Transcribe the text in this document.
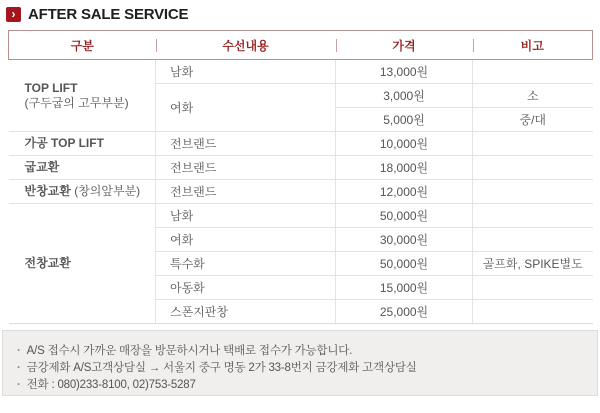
› AFTER SALE SERVICE
구분	수선내용	가격	비고
TOP LIFT
(구두굽의 고무부분)	남화	13,000원	
	여화	3,000원	소
		5,000원	중/대
가공 TOP LIFT	전브랜드	10,000원	
굽교환	전브랜드	18,000원	
반창교환 (창의앞부분)	전브랜드	12,000원	
전창교환	남화	50,000원	
	여화	30,000원	
	특수화	50,000원	골프화, SPIKE별도
	아동화	15,000원	
	스폰지판창	25,000원	
· A/S 접수시 가까운 매장을 방문하시거나 택배로 접수가 가능합니다.
· 금강제화 A/S고객상담실 → 서울지 중구 명동 2가 33-8번지 금강제화 고객상담실
· 전화 : 080)233-8100, 02)753-5287
